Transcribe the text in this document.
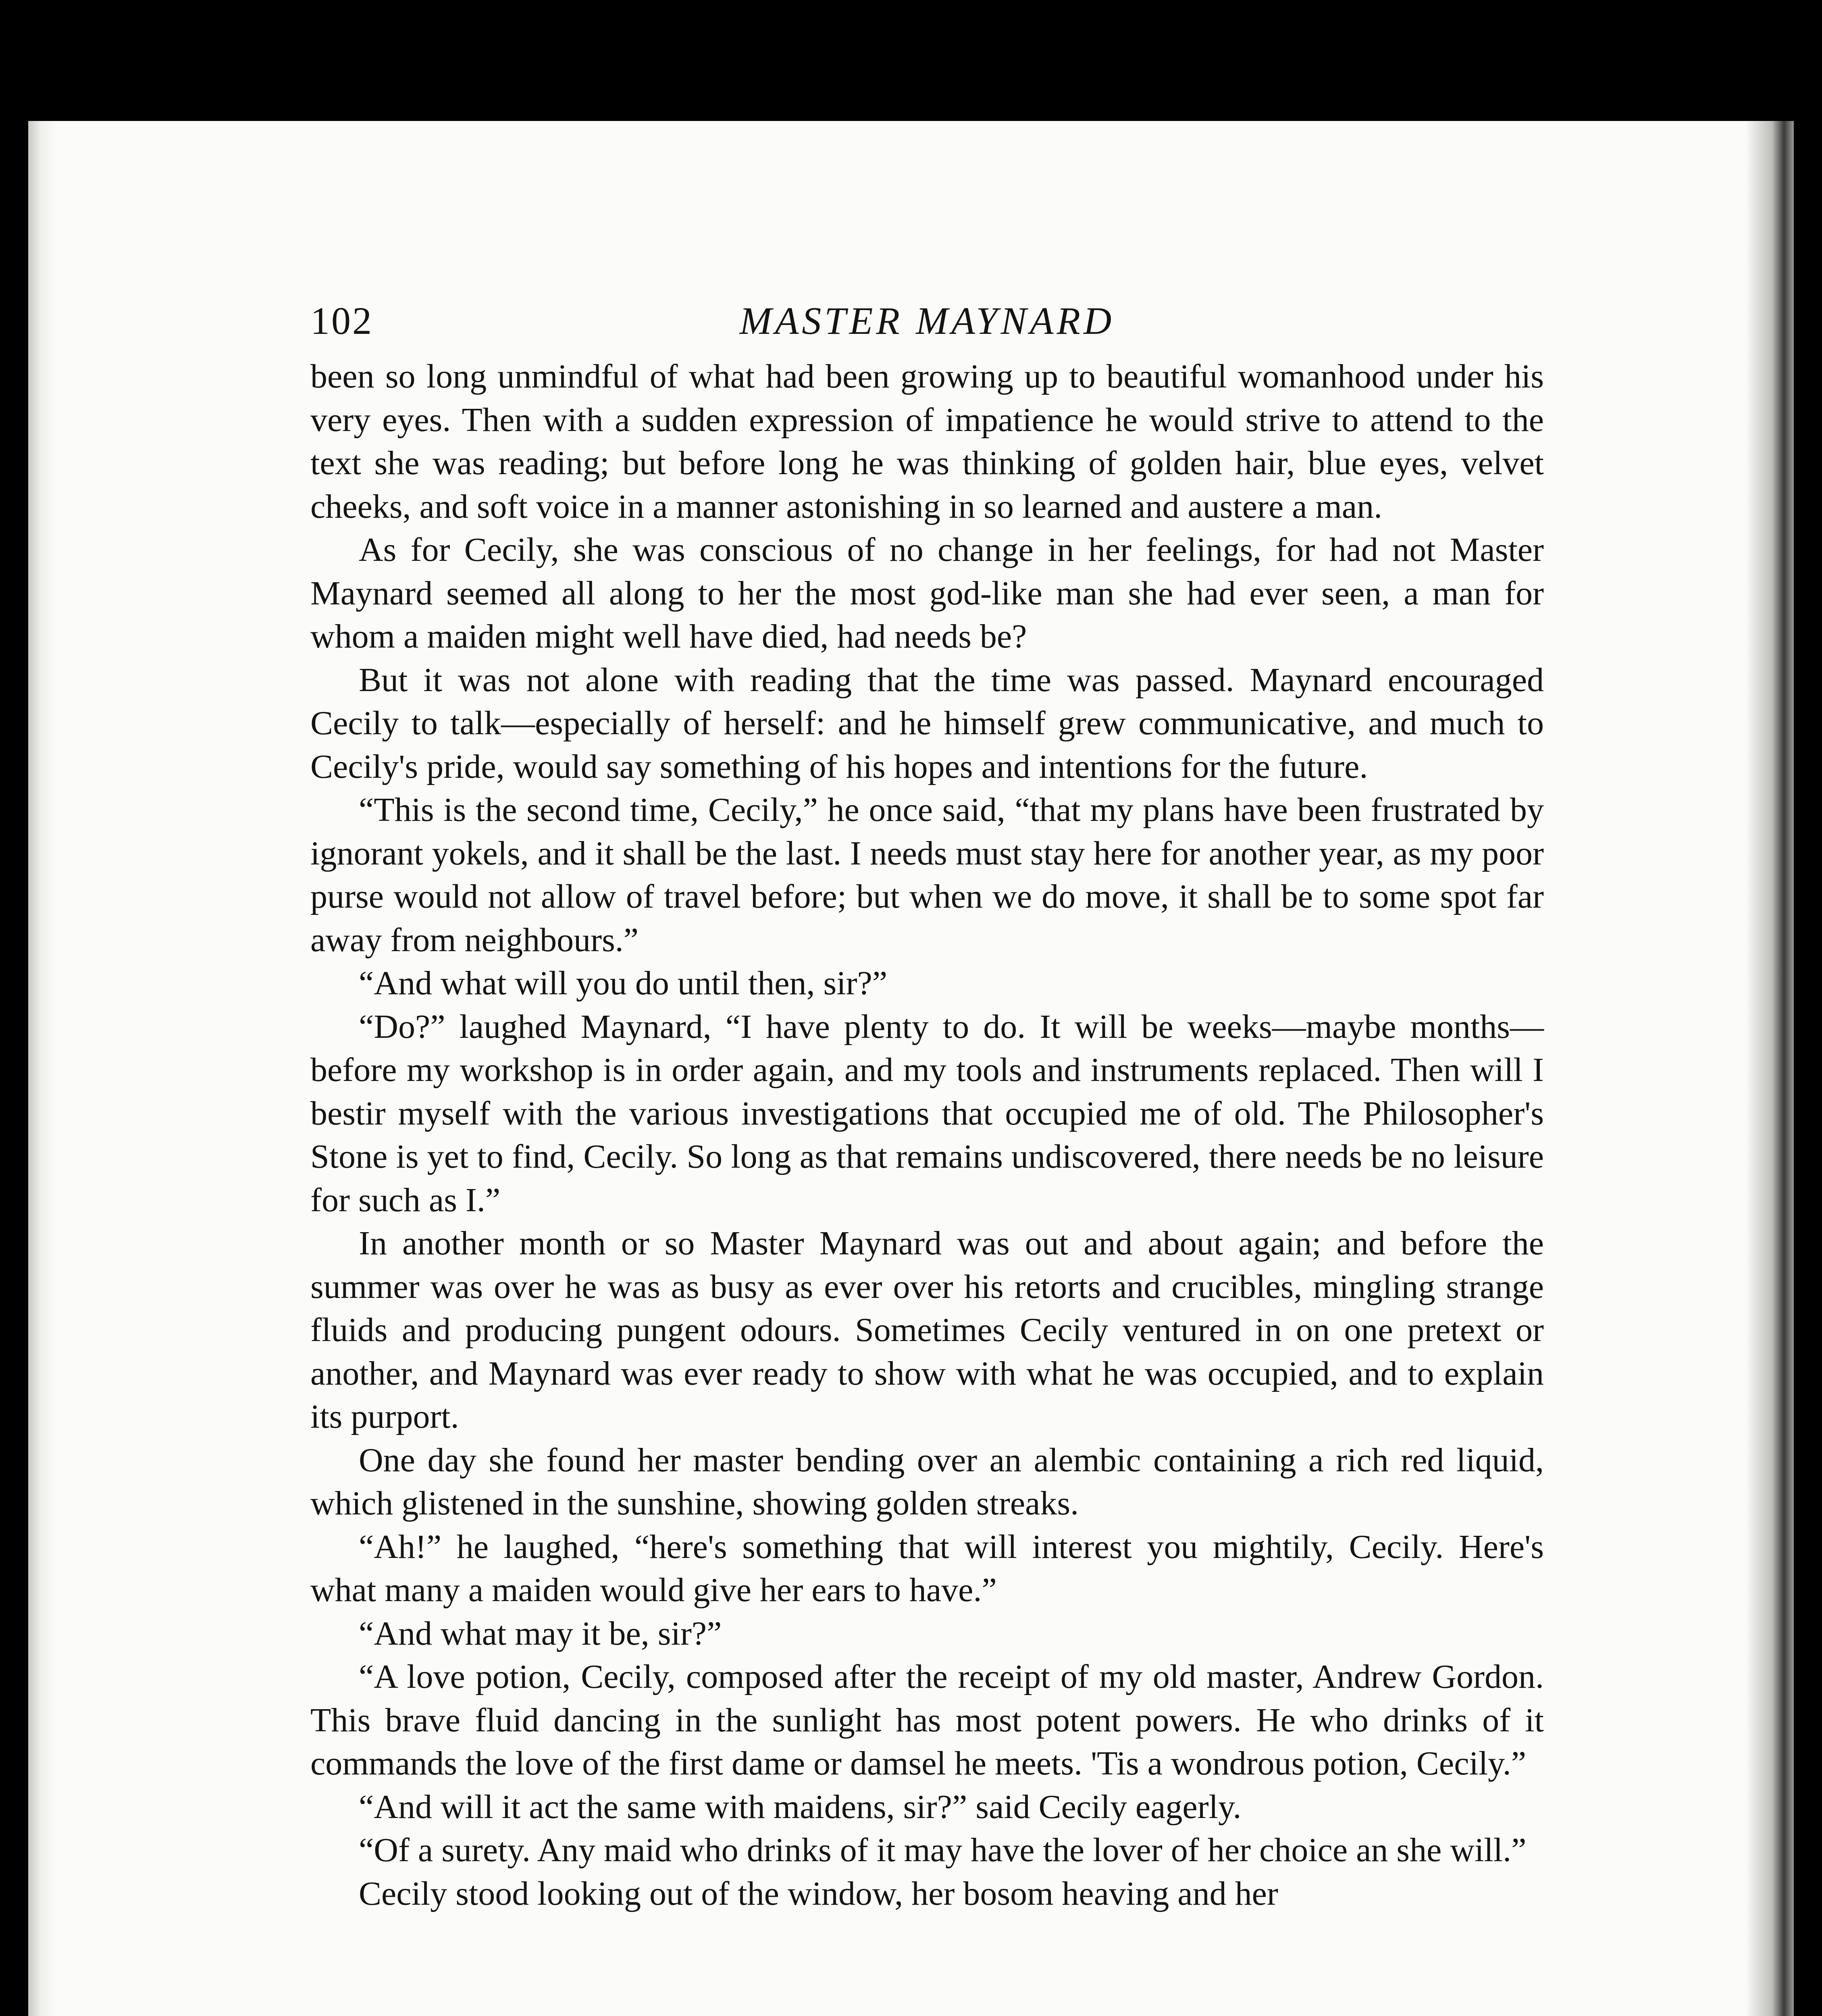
102	MASTER MAYNARD

been so long unmindful of what had been growing up to beautiful womanhood under his very eyes. Then with a sudden expression of impatience he would strive to attend to the text she was reading; but before long he was thinking of golden hair, blue eyes, velvet cheeks, and soft voice in a manner astonishing in so learned and austere a man.

As for Cecily, she was conscious of no change in her feelings, for had not Master Maynard seemed all along to her the most god-like man she had ever seen, a man for whom a maiden might well have died, had needs be?

But it was not alone with reading that the time was passed. Maynard encouraged Cecily to talk—especially of herself: and he himself grew communicative, and much to Cecily's pride, would say something of his hopes and intentions for the future.

“This is the second time, Cecily,” he once said, “that my plans have been frustrated by ignorant yokels, and it shall be the last. I needs must stay here for another year, as my poor purse would not allow of travel before; but when we do move, it shall be to some spot far away from neighbours.”

“And what will you do until then, sir?”

“Do?” laughed Maynard, “I have plenty to do. It will be weeks—maybe months—before my workshop is in order again, and my tools and instruments replaced. Then will I bestir myself with the various investigations that occupied me of old. The Philosopher's Stone is yet to find, Cecily. So long as that remains undiscovered, there needs be no leisure for such as I.”

In another month or so Master Maynard was out and about again; and before the summer was over he was as busy as ever over his retorts and crucibles, mingling strange fluids and producing pungent odours. Sometimes Cecily ventured in on one pretext or another, and Maynard was ever ready to show with what he was occupied, and to explain its purport.

One day she found her master bending over an alembic containing a rich red liquid, which glistened in the sunshine, showing golden streaks.

“Ah!” he laughed, “here's something that will interest you mightily, Cecily. Here's what many a maiden would give her ears to have.”

“And what may it be, sir?”

“A love potion, Cecily, composed after the receipt of my old master, Andrew Gordon. This brave fluid dancing in the sunlight has most potent powers. He who drinks of it commands the love of the first dame or damsel he meets. 'Tis a wondrous potion, Cecily.”

“And will it act the same with maidens, sir?” said Cecily eagerly.

“Of a surety. Any maid who drinks of it may have the lover of her choice an she will.”

Cecily stood looking out of the window, her bosom heaving and her
